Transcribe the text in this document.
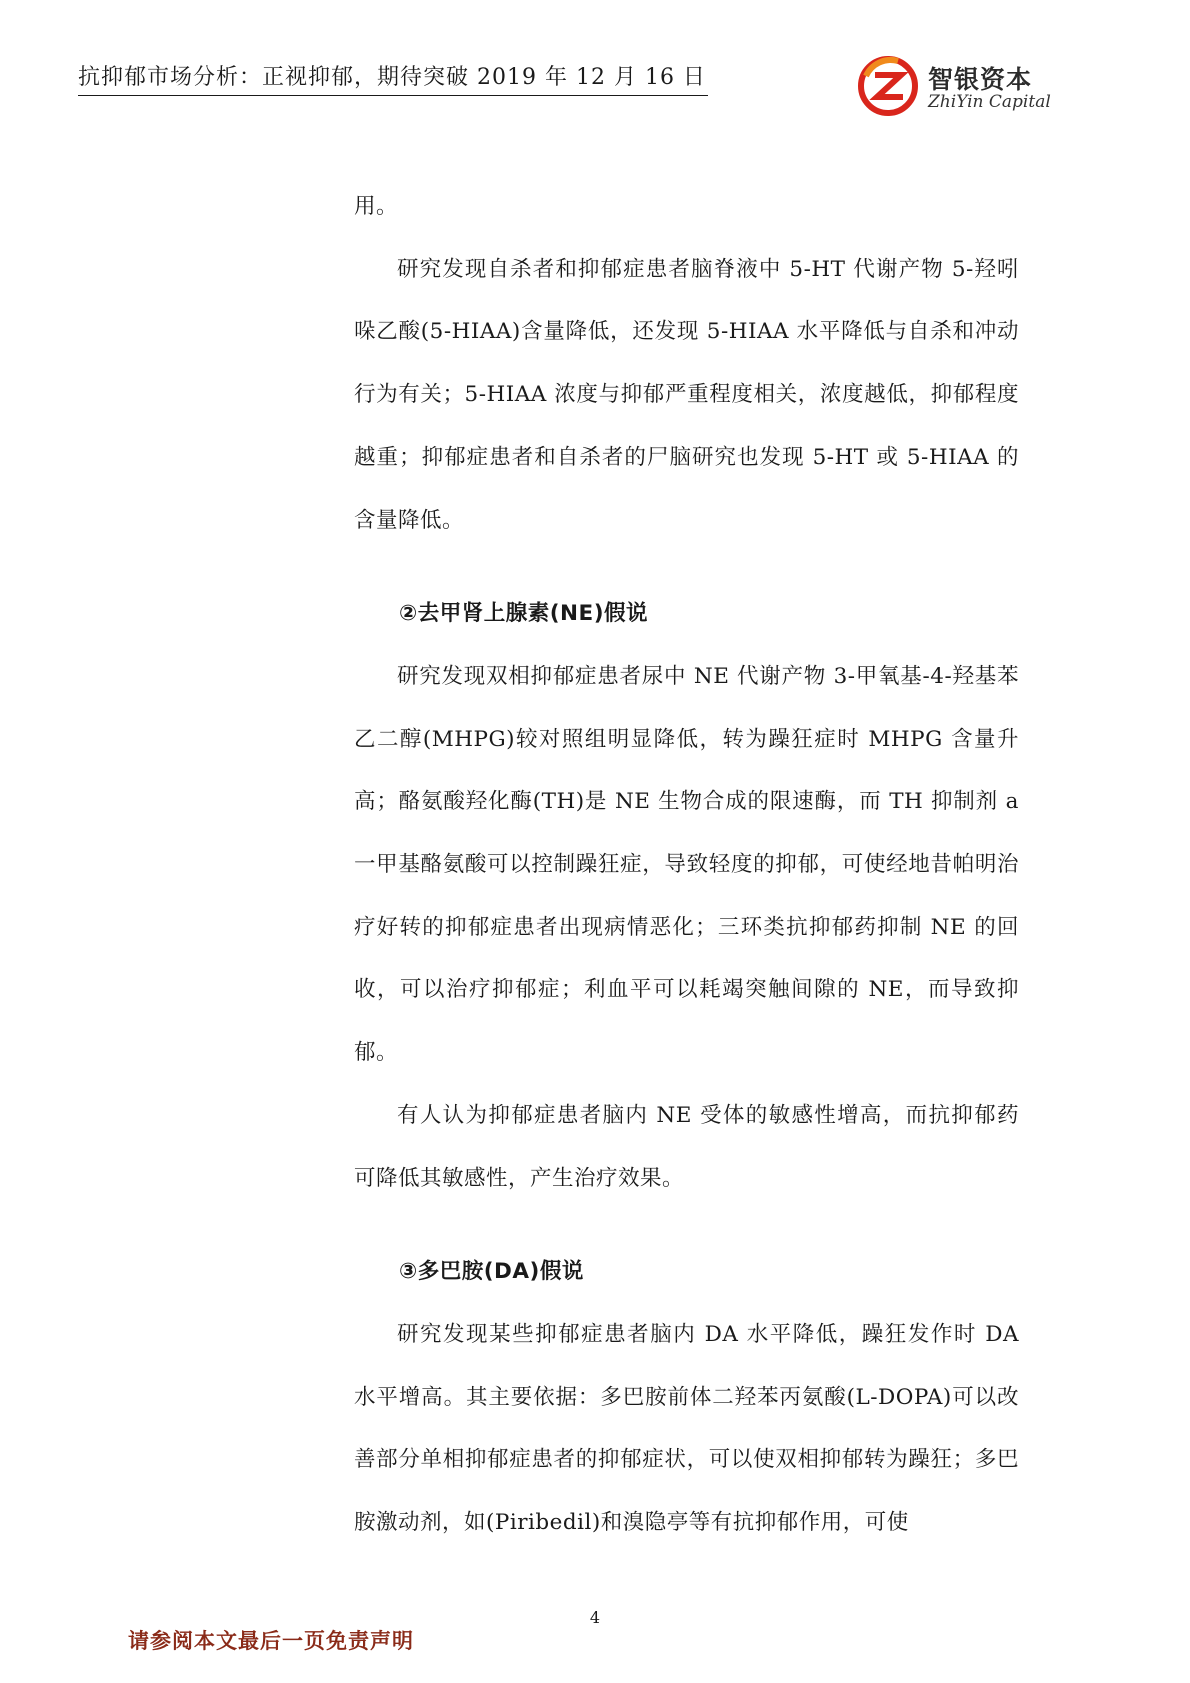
抗抑郁市场分析：正视抑郁，期待突破 2019 年 12 月 16 日	智银资本
ZhiYin Capital

用。

研究发现自杀者和抑郁症患者脑脊液中 5-HT 代谢产物 5-羟吲哚乙酸(5-HIAA)含量降低，还发现 5-HIAA 水平降低与自杀和冲动行为有关；5-HIAA 浓度与抑郁严重程度相关，浓度越低，抑郁程度越重；抑郁症患者和自杀者的尸脑研究也发现 5-HT 或 5-HIAA 的含量降低。

②去甲肾上腺素(NE)假说

研究发现双相抑郁症患者尿中 NE 代谢产物 3-甲氧基-4-羟基苯乙二醇(MHPG)较对照组明显降低，转为躁狂症时 MHPG 含量升高；酪氨酸羟化酶(TH)是 NE 生物合成的限速酶，而 TH 抑制剂 a 一甲基酪氨酸可以控制躁狂症，导致轻度的抑郁，可使经地昔帕明治疗好转的抑郁症患者出现病情恶化；三环类抗抑郁药抑制 NE 的回收，可以治疗抑郁症；利血平可以耗竭突触间隙的 NE，而导致抑郁。

有人认为抑郁症患者脑内 NE 受体的敏感性增高，而抗抑郁药可降低其敏感性，产生治疗效果。

③多巴胺(DA)假说

研究发现某些抑郁症患者脑内 DA 水平降低，躁狂发作时 DA 水平增高。其主要依据：多巴胺前体二羟苯丙氨酸(L-DOPA)可以改善部分单相抑郁症患者的抑郁症状，可以使双相抑郁转为躁狂；多巴胺激动剂，如(Piribedil)和溴隐亭等有抗抑郁作用，可使

4
请参阅本文最后一页免责声明
